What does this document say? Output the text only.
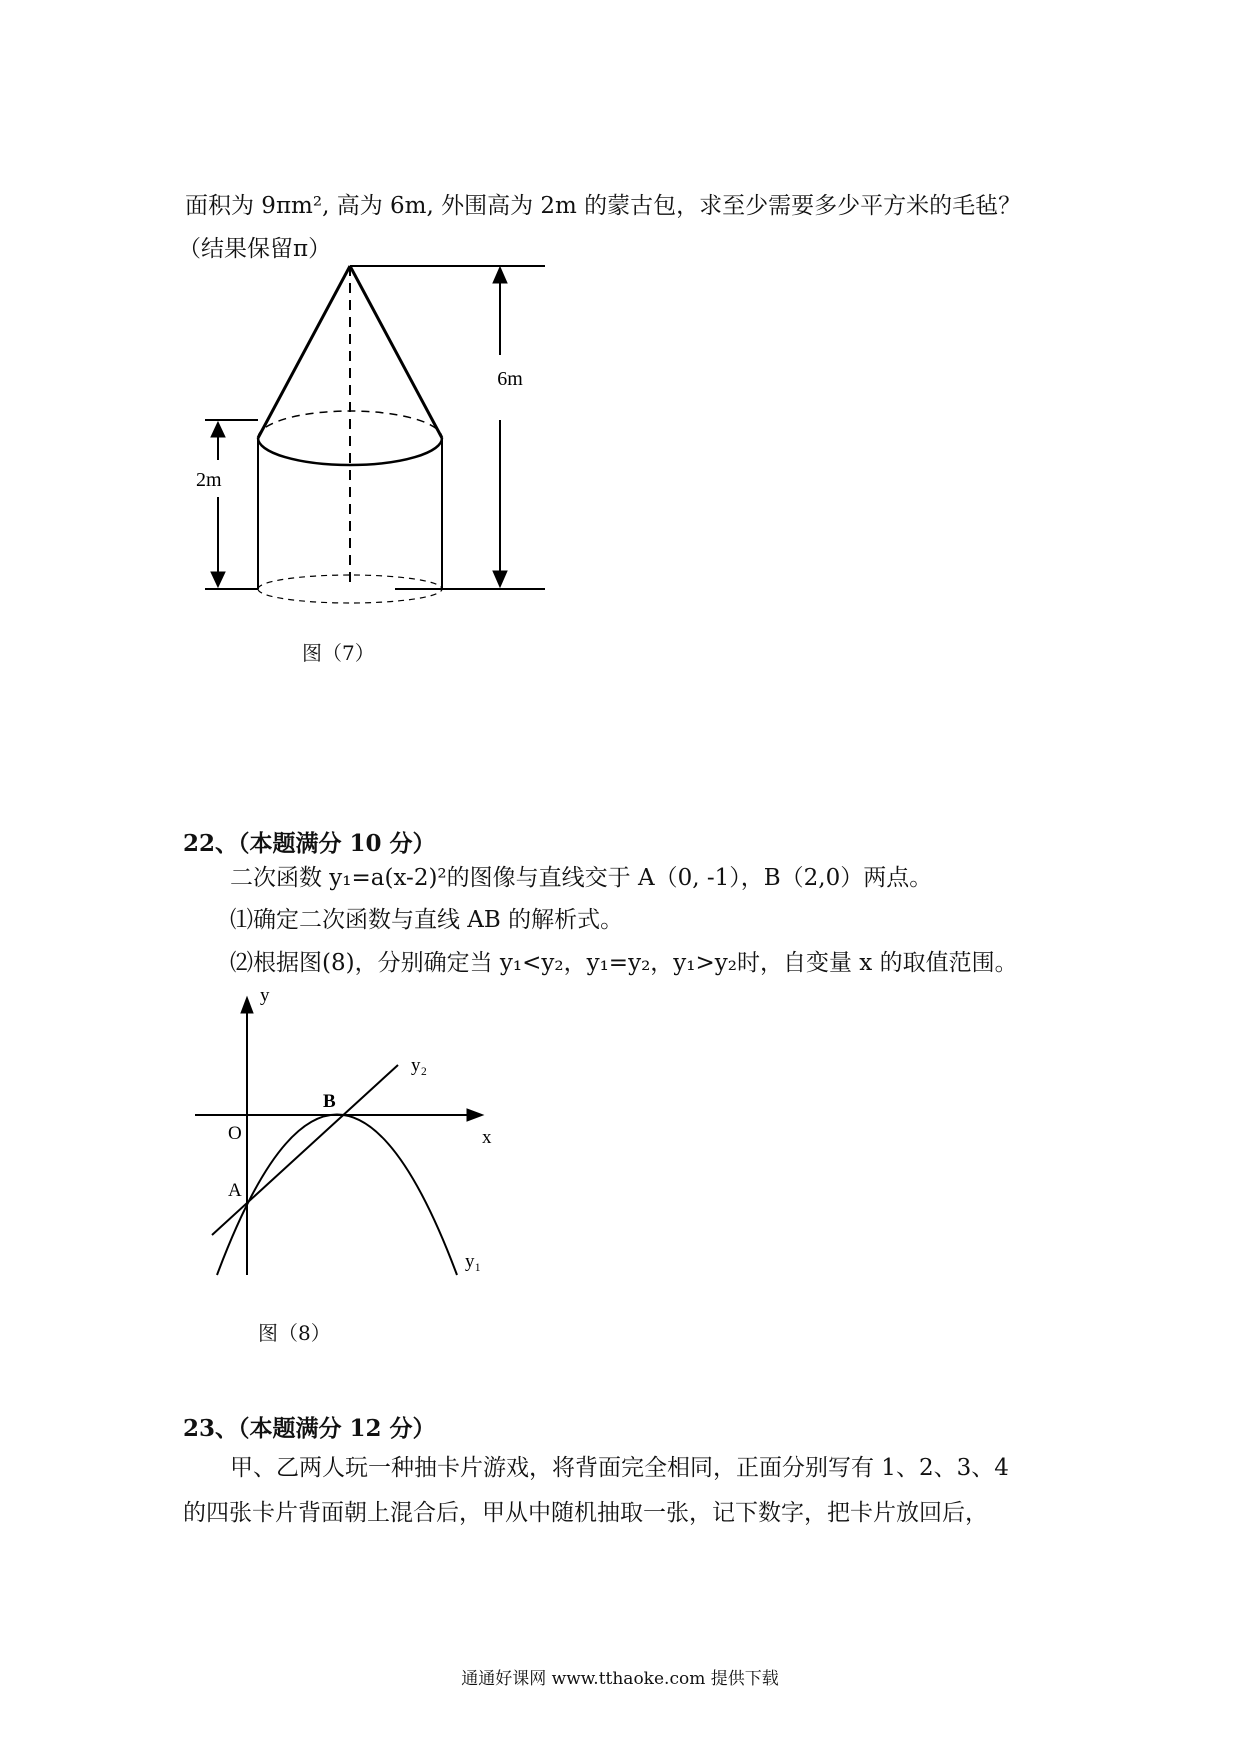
面积为 9πm², 高为 6m, 外围高为 2m 的蒙古包，求至少需要多少平方米的毛毡？
（结果保留π）
6m
2m
图（7）
22、（本题满分 10 分）
二次函数 y₁=a(x-2)²的图像与直线交于 A（0, -1），B（2,0）两点。
⑴确定二次函数与直线 AB 的解析式。
⑵根据图(8)，分别确定当 y₁<y₂，y₁=y₂，y₁>y₂时，自变量 x 的取值范围。
y
x
O
A
B
y₂
y₁
图（8）
23、（本题满分 12 分）
甲、乙两人玩一种抽卡片游戏，将背面完全相同，正面分别写有 1、2、3、4
的四张卡片背面朝上混合后，甲从中随机抽取一张，记下数字，把卡片放回后，
通通好课网 www.tthaoke.com 提供下载
